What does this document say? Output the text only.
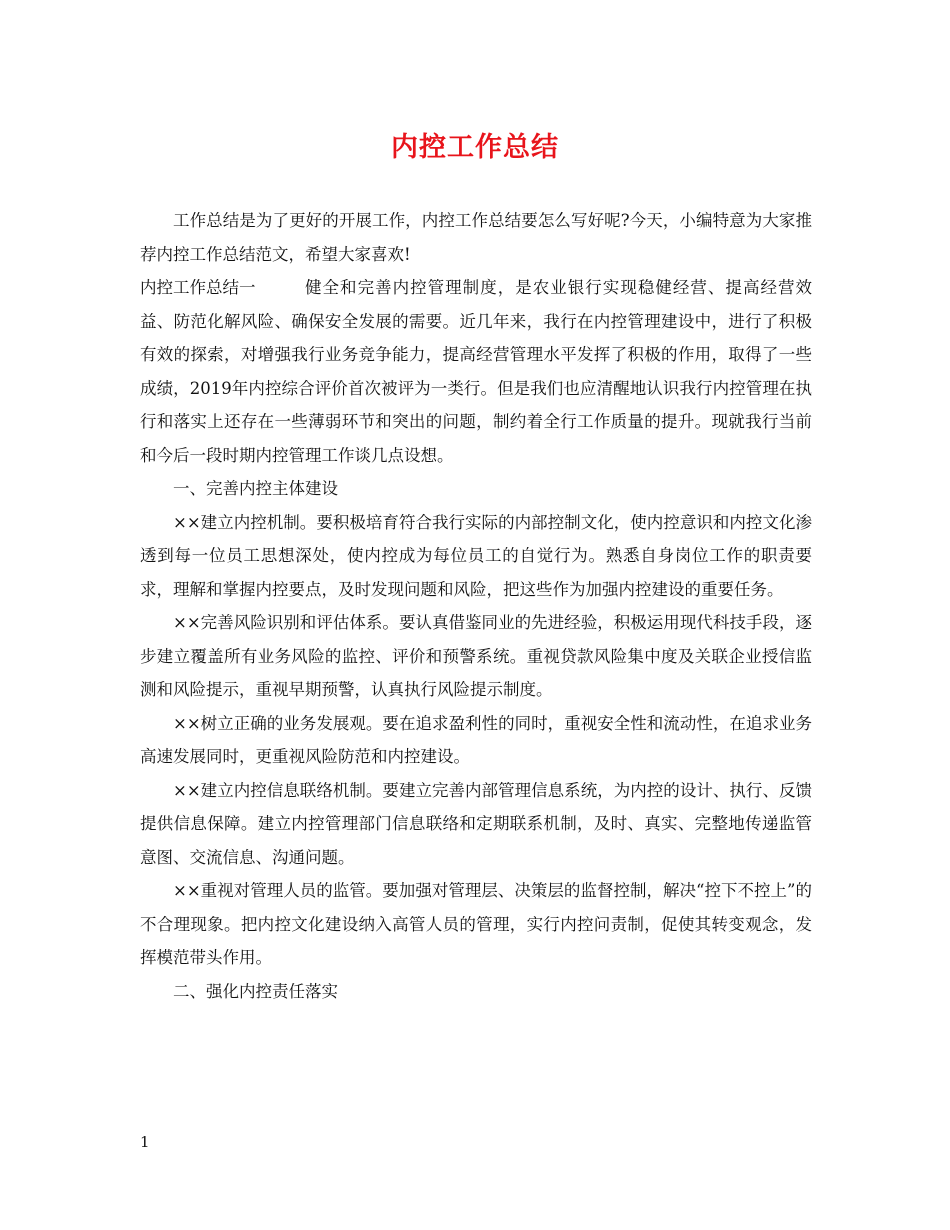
内控工作总结

工作总结是为了更好的开展工作，内控工作总结要怎么写好呢?今天，小编特意为大家推荐内控工作总结范文，希望大家喜欢!

内控工作总结一	健全和完善内控管理制度，是农业银行实现稳健经营、提高经营效益、防范化解风险、确保安全发展的需要。近几年来，我行在内控管理建设中，进行了积极有效的探索，对增强我行业务竞争能力，提高经营管理水平发挥了积极的作用，取得了一些成绩，2019年内控综合评价首次被评为一类行。但是我们也应清醒地认识我行内控管理在执行和落实上还存在一些薄弱环节和突出的问题，制约着全行工作质量的提升。现就我行当前和今后一段时期内控管理工作谈几点设想。

一、完善内控主体建设

××建立内控机制。要积极培育符合我行实际的内部控制文化，使内控意识和内控文化渗透到每一位员工思想深处，使内控成为每位员工的自觉行为。熟悉自身岗位工作的职责要求，理解和掌握内控要点，及时发现问题和风险，把这些作为加强内控建设的重要任务。

××完善风险识别和评估体系。要认真借鉴同业的先进经验，积极运用现代科技手段，逐步建立覆盖所有业务风险的监控、评价和预警系统。重视贷款风险集中度及关联企业授信监测和风险提示，重视早期预警，认真执行风险提示制度。

××树立正确的业务发展观。要在追求盈利性的同时，重视安全性和流动性，在追求业务高速发展同时，更重视风险防范和内控建设。

××建立内控信息联络机制。要建立完善内部管理信息系统，为内控的设计、执行、反馈提供信息保障。建立内控管理部门信息联络和定期联系机制，及时、真实、完整地传递监管意图、交流信息、沟通问题。

××重视对管理人员的监管。要加强对管理层、决策层的监督控制，解决“控下不控上”的不合理现象。把内控文化建设纳入高管人员的管理，实行内控问责制，促使其转变观念，发挥模范带头作用。

二、强化内控责任落实

1
